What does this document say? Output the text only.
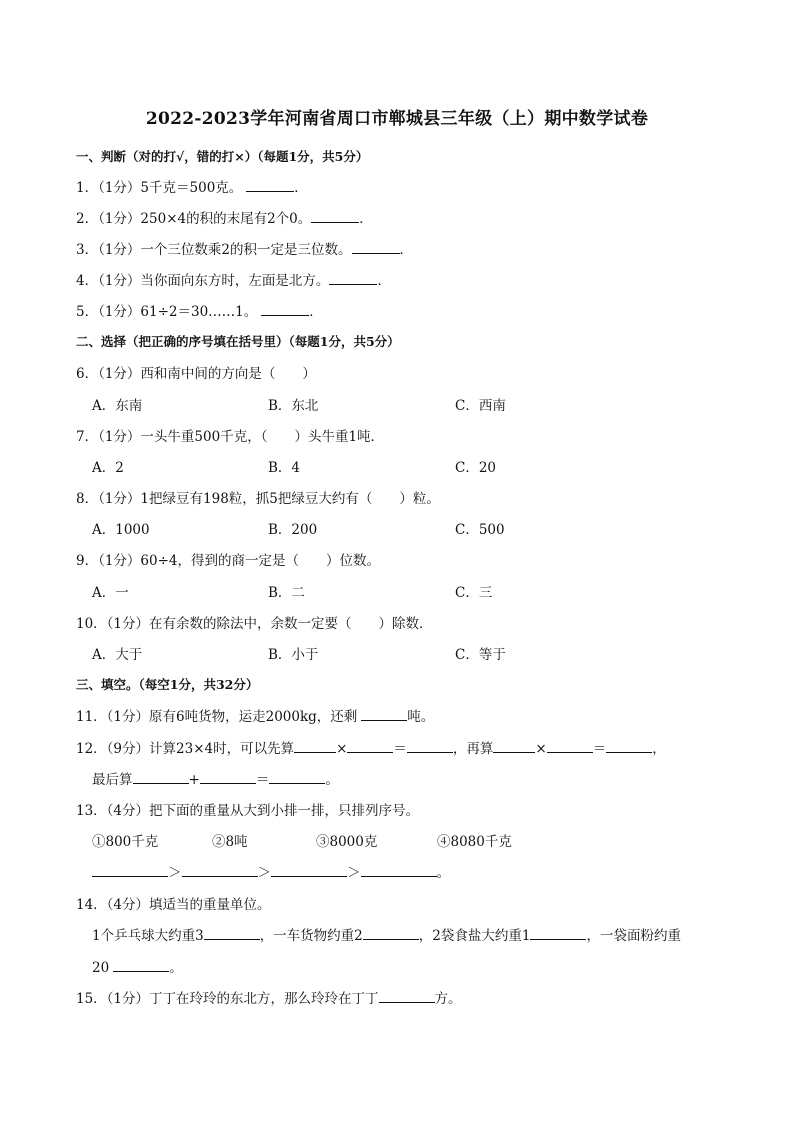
2022-2023学年河南省周口市郸城县三年级（上）期中数学试卷
一、判断（对的打√，错的打×）（每题1分，共5分）
1．（1分）5千克＝500克。	．
2．（1分）250×4的积的末尾有2个0。	．
3．（1分）一个三位数乘2的积一定是三位数。	．
4．（1分）当你面向东方时，左面是北方。	．
5．（1分）61÷2＝30……1。	．
二、选择（把正确的序号填在括号里）（每题1分，共5分）
6．（1分）西和南中间的方向是（　　）
A．东南	B．东北	C．西南
7．（1分）一头牛重500千克，（　　）头牛重1吨．
A．2	B．4	C．20
8．（1分）1把绿豆有198粒，抓5把绿豆大约有（　　）粒。
A．1000	B．200	C．500
9．（1分）60÷4，得到的商一定是（　　）位数。
A．一	B．二	C．三
10．（1分）在有余数的除法中，余数一定要（　　）除数．
A．大于	B．小于	C．等于
三、填空。（每空1分，共32分）
11．（1分）原有6吨货物，运走2000kg，还剩	吨。
12．（9分）计算23×4时，可以先算	×	＝	，再算	×	＝	，
最后算	+	＝	。
13．（4分）把下面的重量从大到小排一排，只排列序号。
①800千克	②8吨	③8000克	④8080千克
＞	＞	＞	。
14．（4分）填适当的重量单位。
1个乒乓球大约重3	，一车货物约重2	，2袋食盐大约重1	，一袋面粉约重
20	。
15．（1分）丁丁在玲玲的东北方，那么玲玲在丁丁	方。
